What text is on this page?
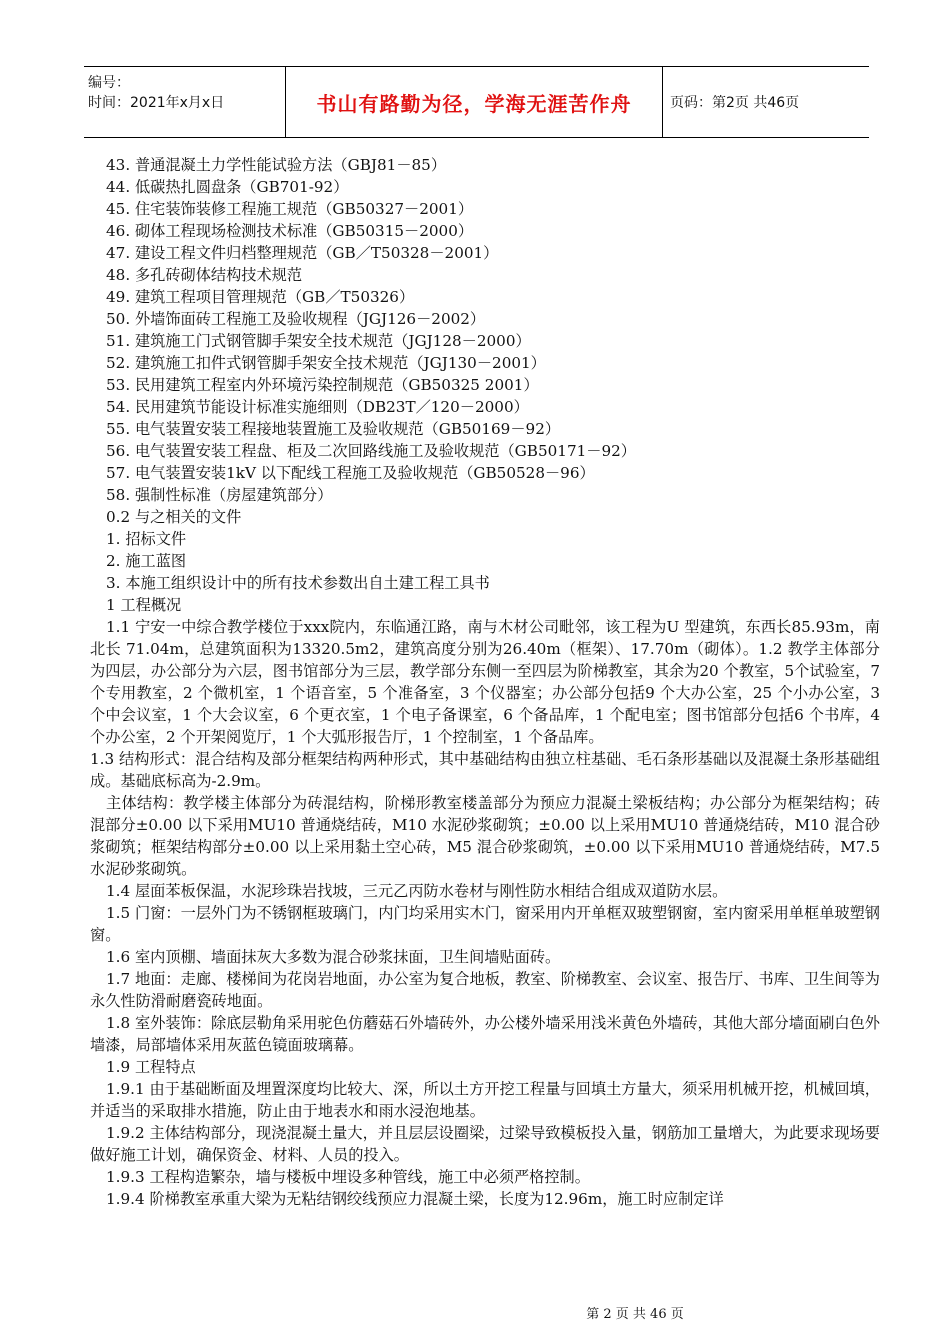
编号：
时间：2021年x月x日	书山有路勤为径，学海无涯苦作舟	页码：第2页 共46页
43. 普通混凝土力学性能试验方法（GBJ81－85）
44. 低碳热扎圆盘条（GB701-92）
45. 住宅装饰装修工程施工规范（GB50327－2001）
46. 砌体工程现场检测技术标准（GB50315－2000）
47. 建设工程文件归档整理规范（GB／T50328－2001）
48. 多孔砖砌体结构技术规范
49. 建筑工程项目管理规范（GB／T50326）
50. 外墙饰面砖工程施工及验收规程（JGJ126－2002）
51. 建筑施工门式钢管脚手架安全技术规范（JGJ128－2000）
52. 建筑施工扣件式钢管脚手架安全技术规范（JGJ130－2001）
53. 民用建筑工程室内外环境污染控制规范（GB50325 2001）
54. 民用建筑节能设计标准实施细则（DB23T／120－2000）
55. 电气装置安装工程接地装置施工及验收规范（GB50169－92）
56. 电气装置安装工程盘、柜及二次回路线施工及验收规范（GB50171－92）
57. 电气装置安装1kV 以下配线工程施工及验收规范（GB50528－96）
58. 强制性标准（房屋建筑部分）
0.2 与之相关的文件
1. 招标文件
2. 施工蓝图
3. 本施工组织设计中的所有技术参数出自土建工程工具书
1 工程概况
1.1 宁安一中综合教学楼位于xxx院内，东临通江路，南与木材公司毗邻，该工程为U 型建筑，东西长85.93m，南北长 71.04m，总建筑面积为13320.5m2，建筑高度分别为26.40m（框架）、17.70m（砌体）。1.2 教学主体部分为四层，办公部分为六层，图书馆部分为三层，教学部分东侧一至四层为阶梯教室，其余为20 个教室，5个试验室，7 个专用教室，2 个微机室，1 个语音室，5 个准备室，3 个仪器室；办公部分包括9 个大办公室，25 个小办公室，3 个中会议室，1 个大会议室，6 个更衣室，1 个电子备课室，6 个备品库，1 个配电室；图书馆部分包括6 个书库，4 个办公室，2 个开架阅览厅，1 个大弧形报告厅，1 个控制室，1 个备品库。
1.3 结构形式：混合结构及部分框架结构两种形式，其中基础结构由独立柱基础、毛石条形基础以及混凝土条形基础组成。基础底标高为-2.9m。
主体结构：教学楼主体部分为砖混结构，阶梯形教室楼盖部分为预应力混凝土梁板结构；办公部分为框架结构；砖混部分±0.00 以下采用MU10 普通烧结砖，M10 水泥砂浆砌筑；±0.00 以上采用MU10 普通烧结砖，M10 混合砂浆砌筑；框架结构部分±0.00 以上采用黏土空心砖，M5 混合砂浆砌筑，±0.00 以下采用MU10 普通烧结砖，M7.5 水泥砂浆砌筑。
1.4 屋面苯板保温，水泥珍珠岩找坡，三元乙丙防水卷材与刚性防水相结合组成双道防水层。
1.5 门窗：一层外门为不锈钢框玻璃门，内门均采用实木门，窗采用内开单框双玻塑钢窗，室内窗采用单框单玻塑钢窗。
1.6 室内顶棚、墙面抹灰大多数为混合砂浆抹面，卫生间墙贴面砖。
1.7 地面：走廊、楼梯间为花岗岩地面，办公室为复合地板，教室、阶梯教室、会议室、报告厅、书库、卫生间等为永久性防滑耐磨瓷砖地面。
1.8 室外装饰：除底层勒角采用驼色仿蘑菇石外墙砖外，办公楼外墙采用浅米黄色外墙砖，其他大部分墙面刷白色外墙漆，局部墙体采用灰蓝色镜面玻璃幕。
1.9 工程特点
1.9.1 由于基础断面及埋置深度均比较大、深，所以土方开挖工程量与回填土方量大，须采用机械开挖，机械回填，并适当的采取排水措施，防止由于地表水和雨水浸泡地基。
1.9.2 主体结构部分，现浇混凝土量大，并且层层设圈梁，过梁导致模板投入量，钢筋加工量增大，为此要求现场要做好施工计划，确保资金、材料、人员的投入。
1.9.3 工程构造繁杂，墙与楼板中埋设多种管线，施工中必须严格控制。
1.9.4 阶梯教室承重大梁为无粘结钢绞线预应力混凝土梁，长度为12.96m，施工时应制定详
第 2 页 共 46 页
